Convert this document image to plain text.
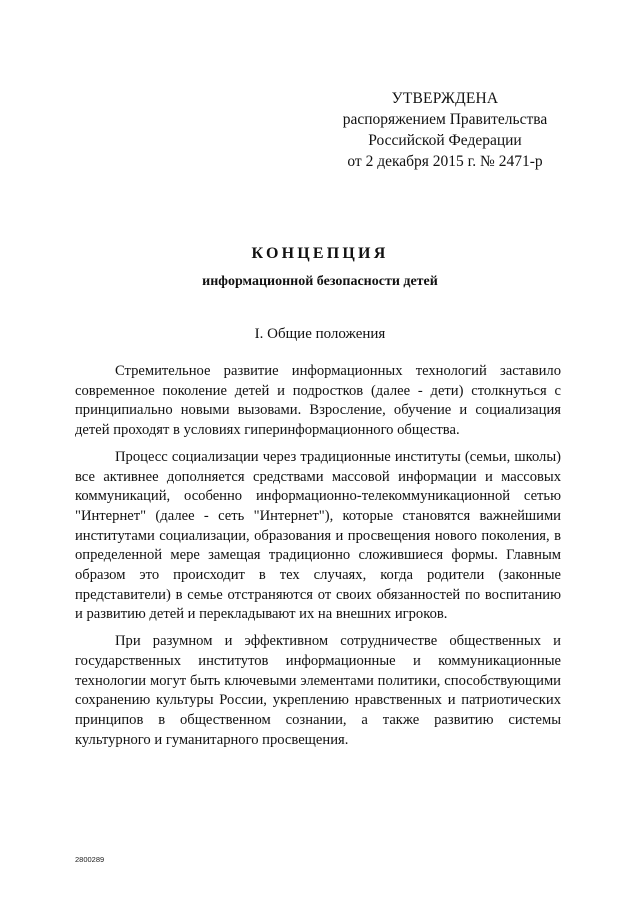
УТВЕРЖДЕНА
распоряжением Правительства
Российской Федерации
от 2 декабря 2015 г. № 2471-р
КОНЦЕПЦИЯ
информационной безопасности детей
I. Общие положения

Стремительное развитие информационных технологий заставило современное поколение детей и подростков (далее - дети) столкнуться с принципиально новыми вызовами. Взросление, обучение и социализация детей проходят в условиях гиперинформационного общества.

Процесс социализации через традиционные институты (семьи, школы) все активнее дополняется средствами массовой информации и массовых коммуникаций, особенно информационно-телекоммуникационной сетью "Интернет" (далее - сеть "Интернет"), которые становятся важнейшими институтами социализации, образования и просвещения нового поколения, в определенной мере замещая традиционно сложившиеся формы. Главным образом это происходит в тех случаях, когда родители (законные представители) в семье отстраняются от своих обязанностей по воспитанию и развитию детей и перекладывают их на внешних игроков.

При разумном и эффективном сотрудничестве общественных и государственных институтов информационные и коммуникационные технологии могут быть ключевыми элементами политики, способствующими сохранению культуры России, укреплению нравственных и патриотических принципов в общественном сознании, а также развитию системы культурного и гуманитарного просвещения.

2800289
